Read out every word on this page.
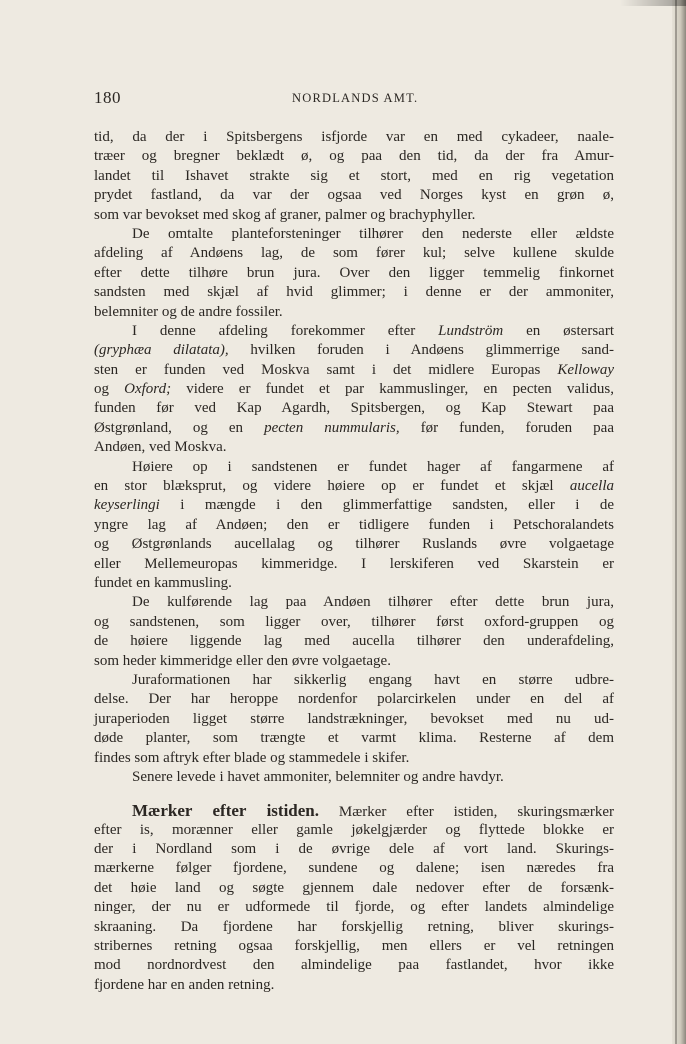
180	NORDLANDS AMT.
tid, da der i Spitsbergens isfjorde var en med cykadeer, naale-
træer og bregner beklædt ø, og paa den tid, da der fra Amur-
landet til Ishavet strakte sig et stort, med en rig vegetation
prydet fastland, da var der ogsaa ved Norges kyst en grøn ø,
som var bevokset med skog af graner, palmer og brachyphyller.
De omtalte planteforsteninger tilhører den nederste eller ældste
afdeling af Andøens lag, de som fører kul; selve kullene skulde
efter dette tilhøre brun jura. Over den ligger temmelig finkornet
sandsten med skjæl af hvid glimmer; i denne er der ammoniter,
belemniter og de andre fossiler.
I denne afdeling forekommer efter Lundström en østersart
(gryphæa dilatata), hvilken foruden i Andøens glimmerrige sand-
sten er funden ved Moskva samt i det midlere Europas Kelloway
og Oxford; videre er fundet et par kammuslinger, en pecten validus,
funden før ved Kap Agardh, Spitsbergen, og Kap Stewart paa
Østgrønland, og en pecten nummularis, før funden, foruden paa
Andøen, ved Moskva.
Høiere op i sandstenen er fundet hager af fangarmene af
en stor blæksprut, og videre høiere op er fundet et skjæl aucella
keyserlingi i mængde i den glimmerfattige sandsten, eller i de
yngre lag af Andøen; den er tidligere funden i Petschoralandets
og Østgrønlands aucellalag og tilhører Ruslands øvre volgaetage
eller Mellemeuropas kimmeridge. I lerskiferen ved Skarstein er
fundet en kammusling.
De kulførende lag paa Andøen tilhører efter dette brun jura,
og sandstenen, som ligger over, tilhører først oxford-gruppen og
de høiere liggende lag med aucella tilhører den underafdeling,
som heder kimmeridge eller den øvre volgaetage.
Juraformationen har sikkerlig engang havt en større udbre-
delse. Der har heroppe nordenfor polarcirkelen under en del af
juraperioden ligget større landstrækninger, bevokset med nu ud-
døde planter, som trængte et varmt klima. Resterne af dem
findes som aftryk efter blade og stammedele i skifer.
Senere levede i havet ammoniter, belemniter og andre havdyr.
Mærker efter istiden. Mærker efter istiden, skuringsmærker
efter is, morænner eller gamle jøkelgjærder og flyttede blokke er
der i Nordland som i de øvrige dele af vort land. Skurings-
mærkerne følger fjordene, sundene og dalene; isen næredes fra
det høie land og søgte gjennem dale nedover efter de forsænk-
ninger, der nu er udformede til fjorde, og efter landets almindelige
skraaning. Da fjordene har forskjellig retning, bliver skurings-
stribernes retning ogsaa forskjellig, men ellers er vel retningen
mod nordnordvest den almindelige paa fastlandet, hvor ikke
fjordene har en anden retning.
